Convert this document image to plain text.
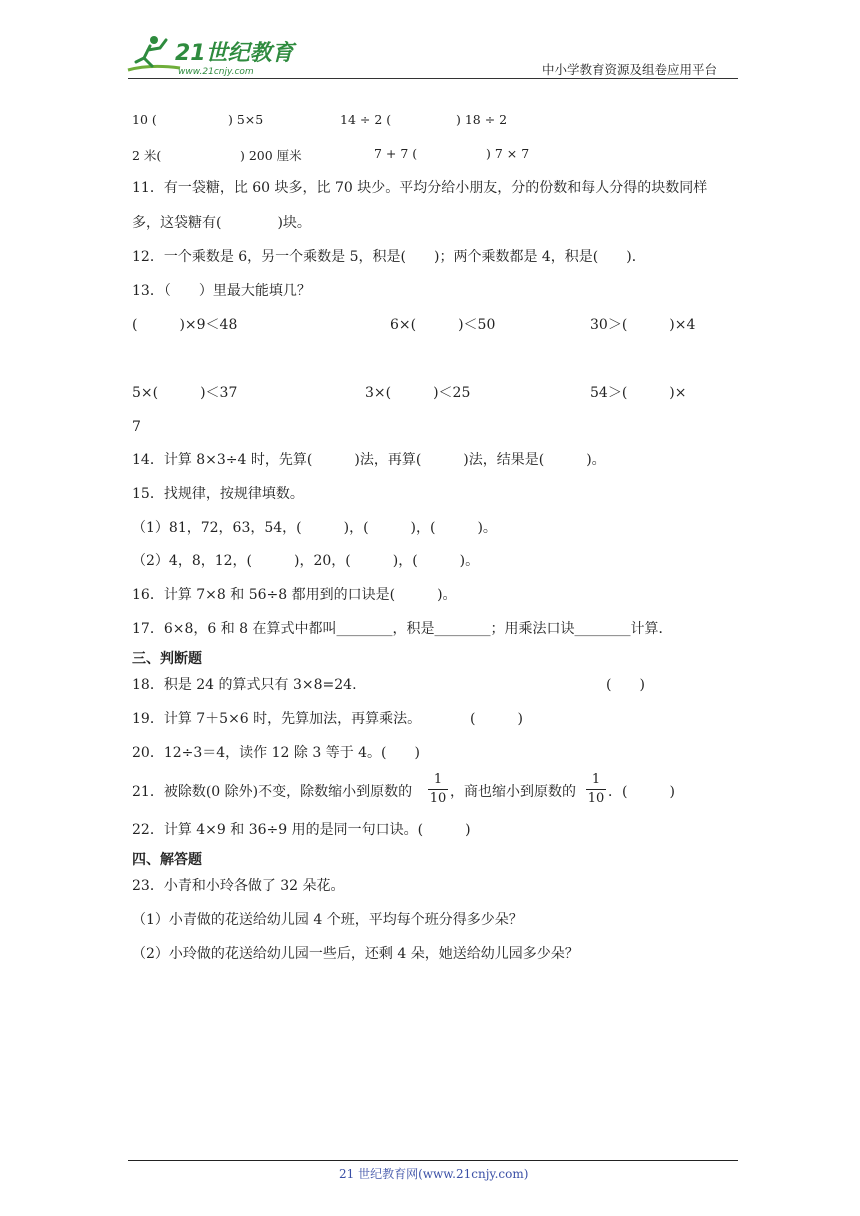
21世纪教育
www.21cnjy.com	中小学教育资源及组卷应用平台
10 (	) 5×5	14 ÷ 2 (	) 18 ÷ 2
2 米(	) 200 厘米	7 + 7 (	) 7 × 7
11．有一袋糖，比 60 块多，比 70 块少。平均分给小朋友，分的份数和每人分得的块数同样
多，这袋糖有(　　　　)块。
12．一个乘数是 6，另一个乘数是 5，积是(　　)；两个乘数都是 4，积是(　　)．
13．（　　）里最大能填几？
(　　　)×9＜48	6×(　　　)＜50	30＞(　　　)×4
5×(　　　)＜37	3×(　　　)＜25	54＞(　　　)×
7
14．计算 8×3÷4 时，先算(　　　)法，再算(　　　)法，结果是(　　　)。
15．找规律，按规律填数。
（1）81，72，63，54，(　　　)，(　　　)，(　　　)。
（2）4，8，12，(　　　)，20，(　　　)，(　　　)。
16．计算 7×8 和 56÷8 都用到的口诀是(　　　)。
17．6×8，6 和 8 在算式中都叫________，积是________；用乘法口诀________计算．
三、判断题
18．积是 24 的算式只有 3×8=24.	(　　)
19．计算 7＋5×6 时，先算加法，再算乘法。	(　　　)
20．12÷3＝4，读作 12 除 3 等于 4。(　　)
21．被除数(0 除外)不变，除数缩小到原数的
1
10 ，商也缩小到原数的
1
10 ．(　　　)
22．计算 4×9 和 36÷9 用的是同一句口诀。(　　　)
四、解答题
23．小青和小玲各做了 32 朵花。
（1）小青做的花送给幼儿园 4 个班，平均每个班分得多少朵？
（2）小玲做的花送给幼儿园一些后，还剩 4 朵，她送给幼儿园多少朵？
21 世纪教育网(www.21cnjy.com)
